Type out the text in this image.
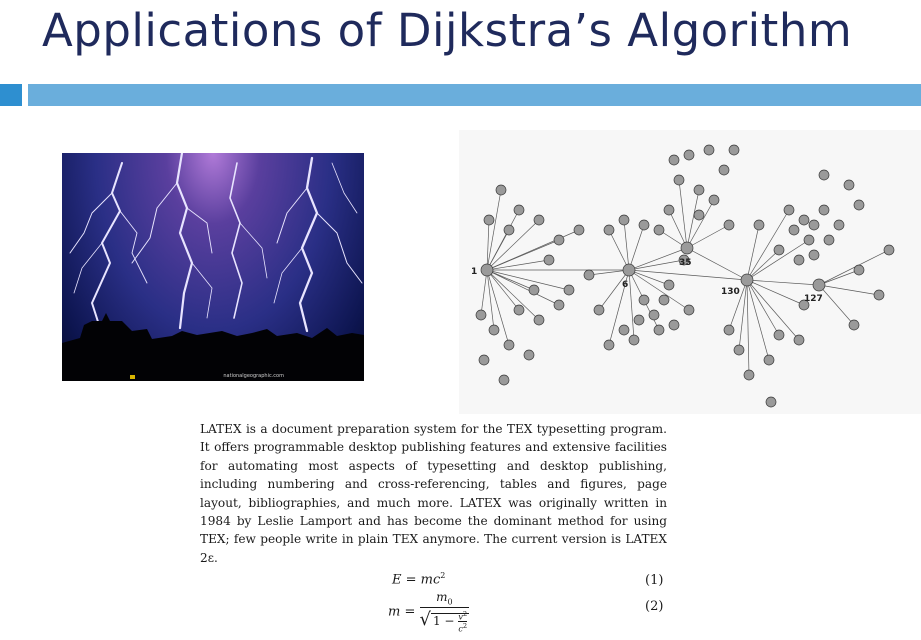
Applications of Dijkstra’s Algorithm
nationalgeographic.com
1
6
35
130
127
LATEX is a document preparation system for the TEX typesetting program. It offers programmable desktop publishing features and extensive facilities for automating most aspects of typesetting and desktop publishing, including numbering and cross-referencing, tables and figures, page layout, bibliographies, and much more. LATEX was originally written in 1984 by Leslie Lamport and has become the dominant method for using TEX; few people write in plain TEX anymore. The current version is LATEX 2ε.
$E = mc^2$	(1)
$m = \frac{m_0}{√ 1 - \frac{v^2}{c^2}}$	(2)
